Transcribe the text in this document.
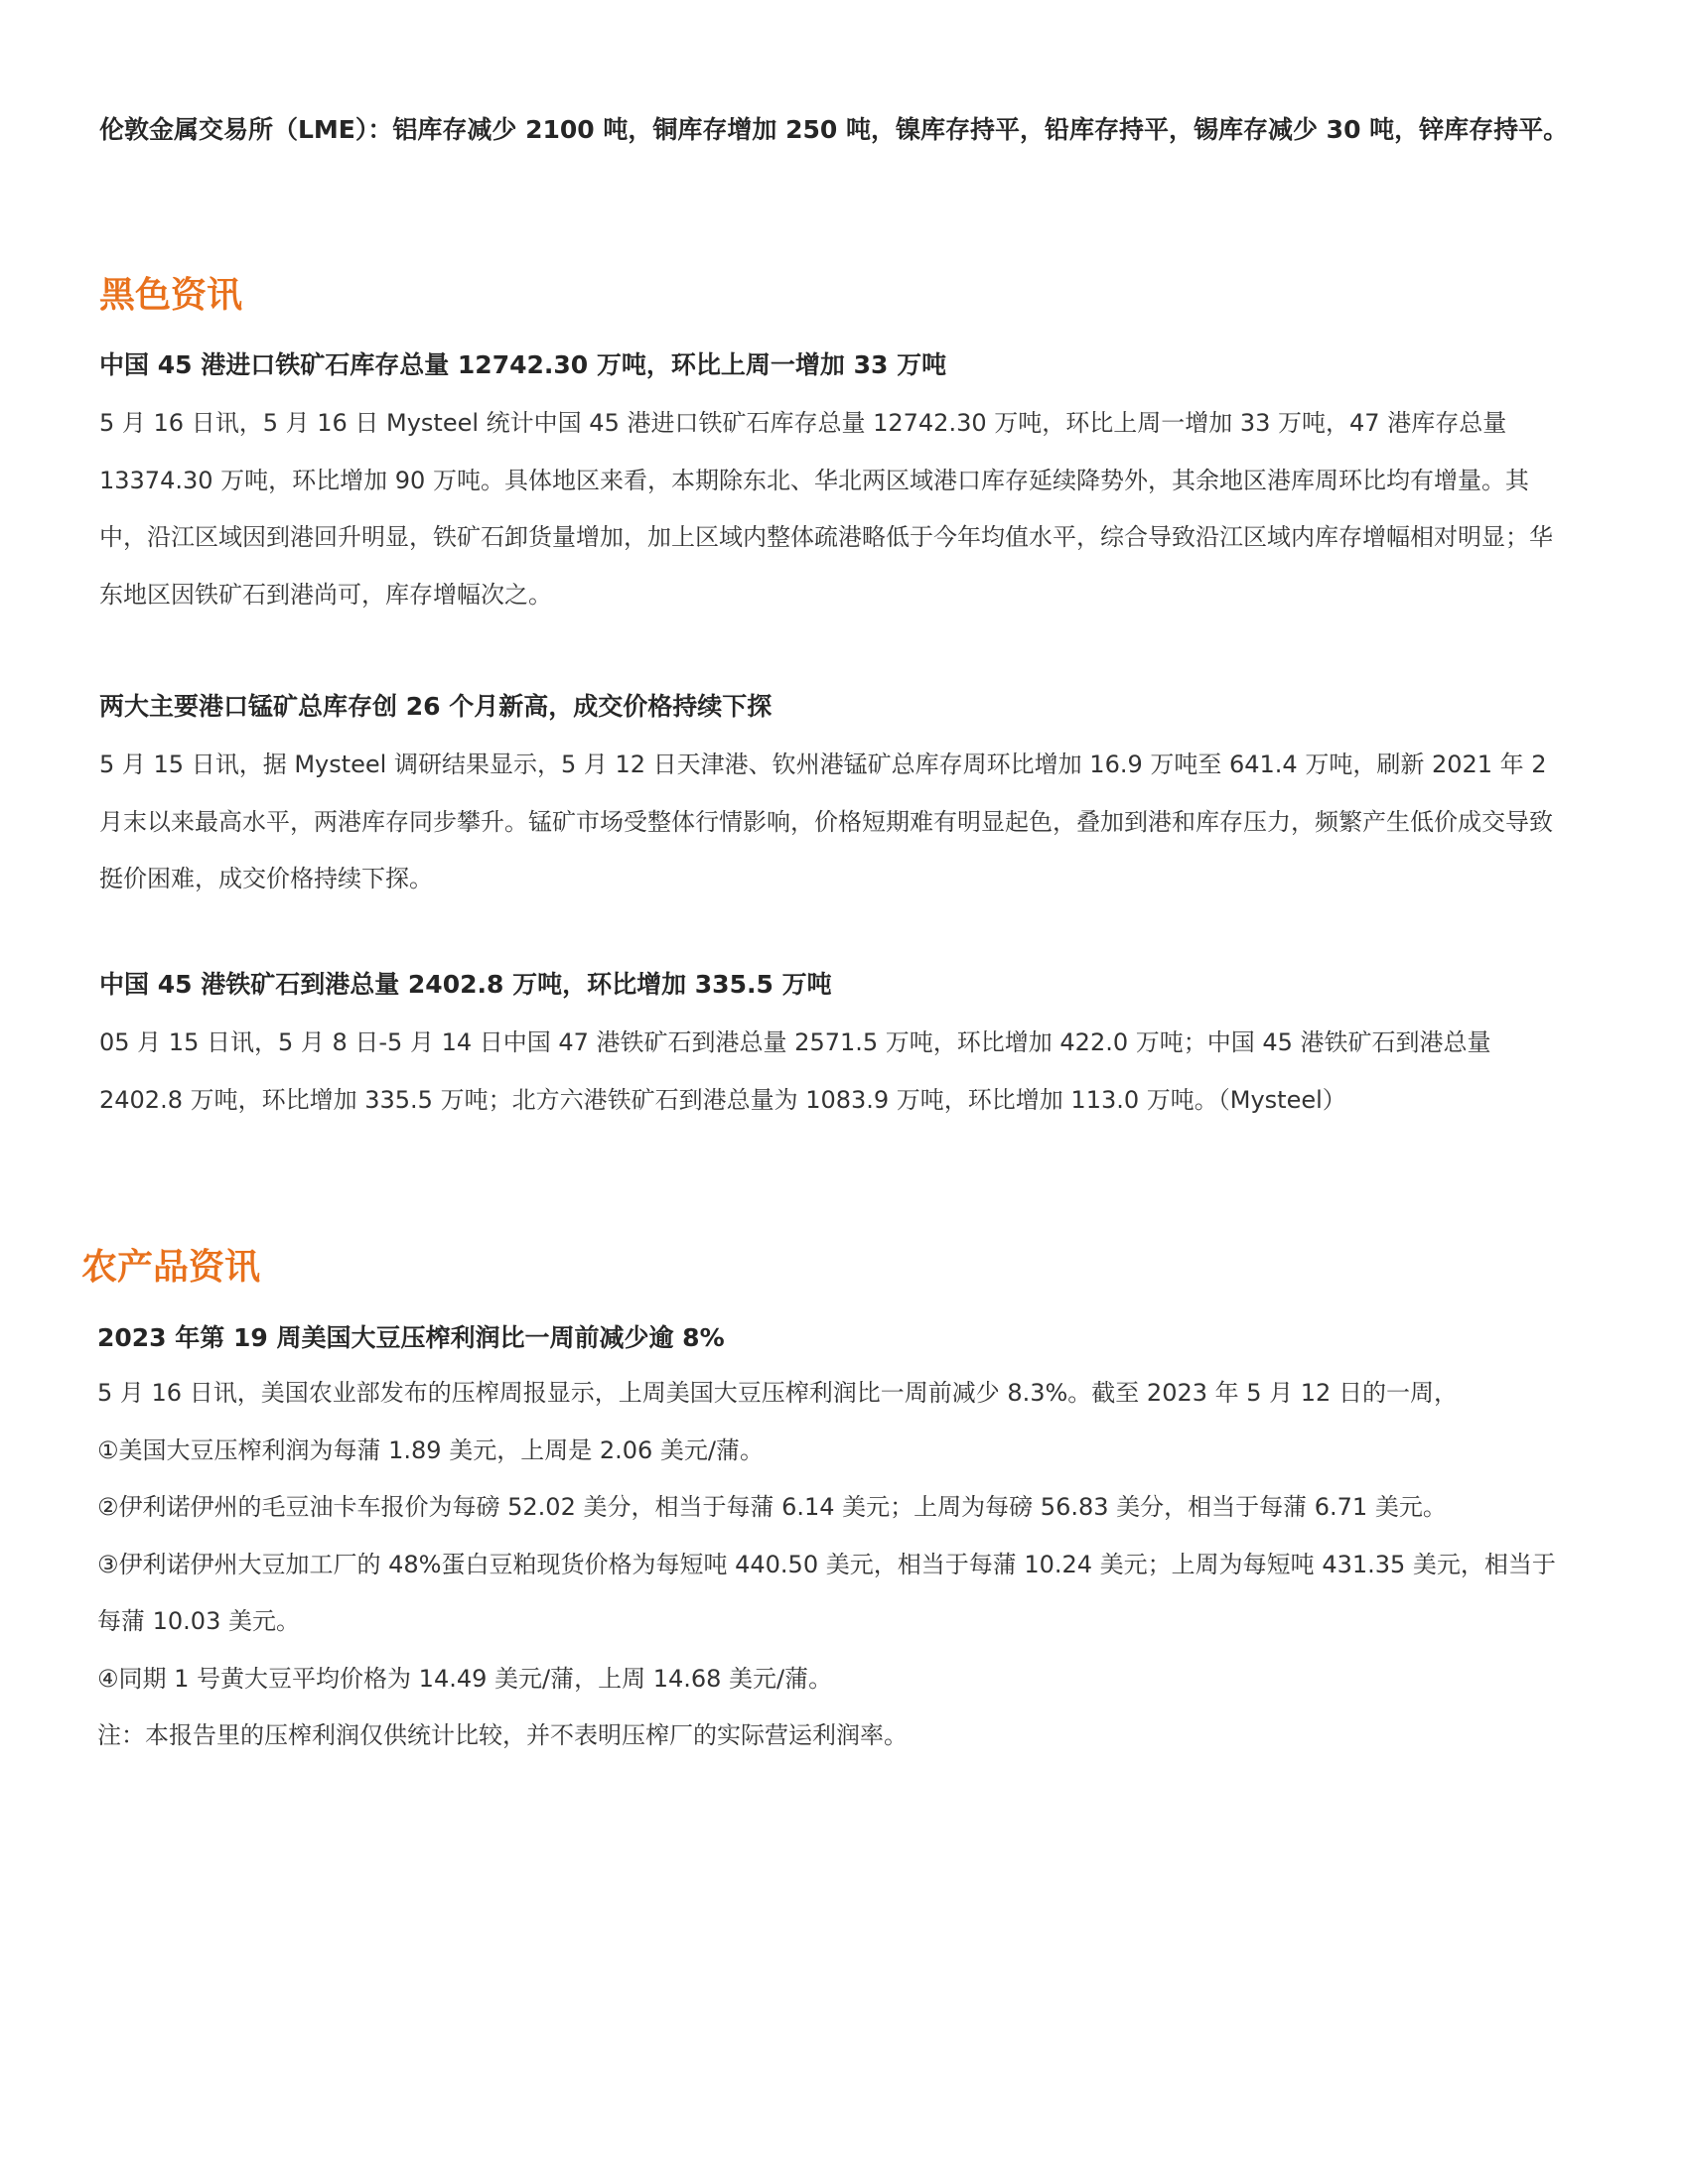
伦敦金属交易所（LME）：铝库存减少 2100 吨，铜库存增加 250 吨，镍库存持平，铅库存持平，锡库存减少 30 吨，锌库存持平。
黑色资讯
中国 45 港进口铁矿石库存总量 12742.30 万吨，环比上周一增加 33 万吨
5 月 16 日讯，5 月 16 日 Mysteel 统计中国 45 港进口铁矿石库存总量 12742.30 万吨，环比上周一增加 33 万吨，47 港库存总量 13374.30 万吨，环比增加 90 万吨。具体地区来看，本期除东北、华北两区域港口库存延续降势外，其余地区港库周环比均有增量。其中，沿江区域因到港回升明显，铁矿石卸货量增加，加上区域内整体疏港略低于今年均值水平，综合导致沿江区域内库存增幅相对明显；华东地区因铁矿石到港尚可，库存增幅次之。
两大主要港口锰矿总库存创 26 个月新高，成交价格持续下探
5 月 15 日讯，据 Mysteel 调研结果显示，5 月 12 日天津港、钦州港锰矿总库存周环比增加 16.9 万吨至 641.4 万吨，刷新 2021 年 2 月末以来最高水平，两港库存同步攀升。锰矿市场受整体行情影响，价格短期难有明显起色，叠加到港和库存压力，频繁产生低价成交导致挺价困难，成交价格持续下探。
中国 45 港铁矿石到港总量 2402.8 万吨，环比增加 335.5 万吨
05 月 15 日讯，5 月 8 日-5 月 14 日中国 47 港铁矿石到港总量 2571.5 万吨，环比增加 422.0 万吨；中国 45 港铁矿石到港总量 2402.8 万吨，环比增加 335.5 万吨；北方六港铁矿石到港总量为 1083.9 万吨，环比增加 113.0 万吨。（Mysteel）
农产品资讯
2023 年第 19 周美国大豆压榨利润比一周前减少逾 8%

5 月 16 日讯，美国农业部发布的压榨周报显示，上周美国大豆压榨利润比一周前减少 8.3%。截至 2023 年 5 月 12 日的一周，

①美国大豆压榨利润为每蒲 1.89 美元，上周是 2.06 美元/蒲。

②伊利诺伊州的毛豆油卡车报价为每磅 52.02 美分，相当于每蒲 6.14 美元；上周为每磅 56.83 美分，相当于每蒲 6.71 美元。

③伊利诺伊州大豆加工厂的 48%蛋白豆粕现货价格为每短吨 440.50 美元，相当于每蒲 10.24 美元；上周为每短吨 431.35 美元，相当于每蒲 10.03 美元。

④同期 1 号黄大豆平均价格为 14.49 美元/蒲，上周 14.68 美元/蒲。

注：本报告里的压榨利润仅供统计比较，并不表明压榨厂的实际营运利润率。
